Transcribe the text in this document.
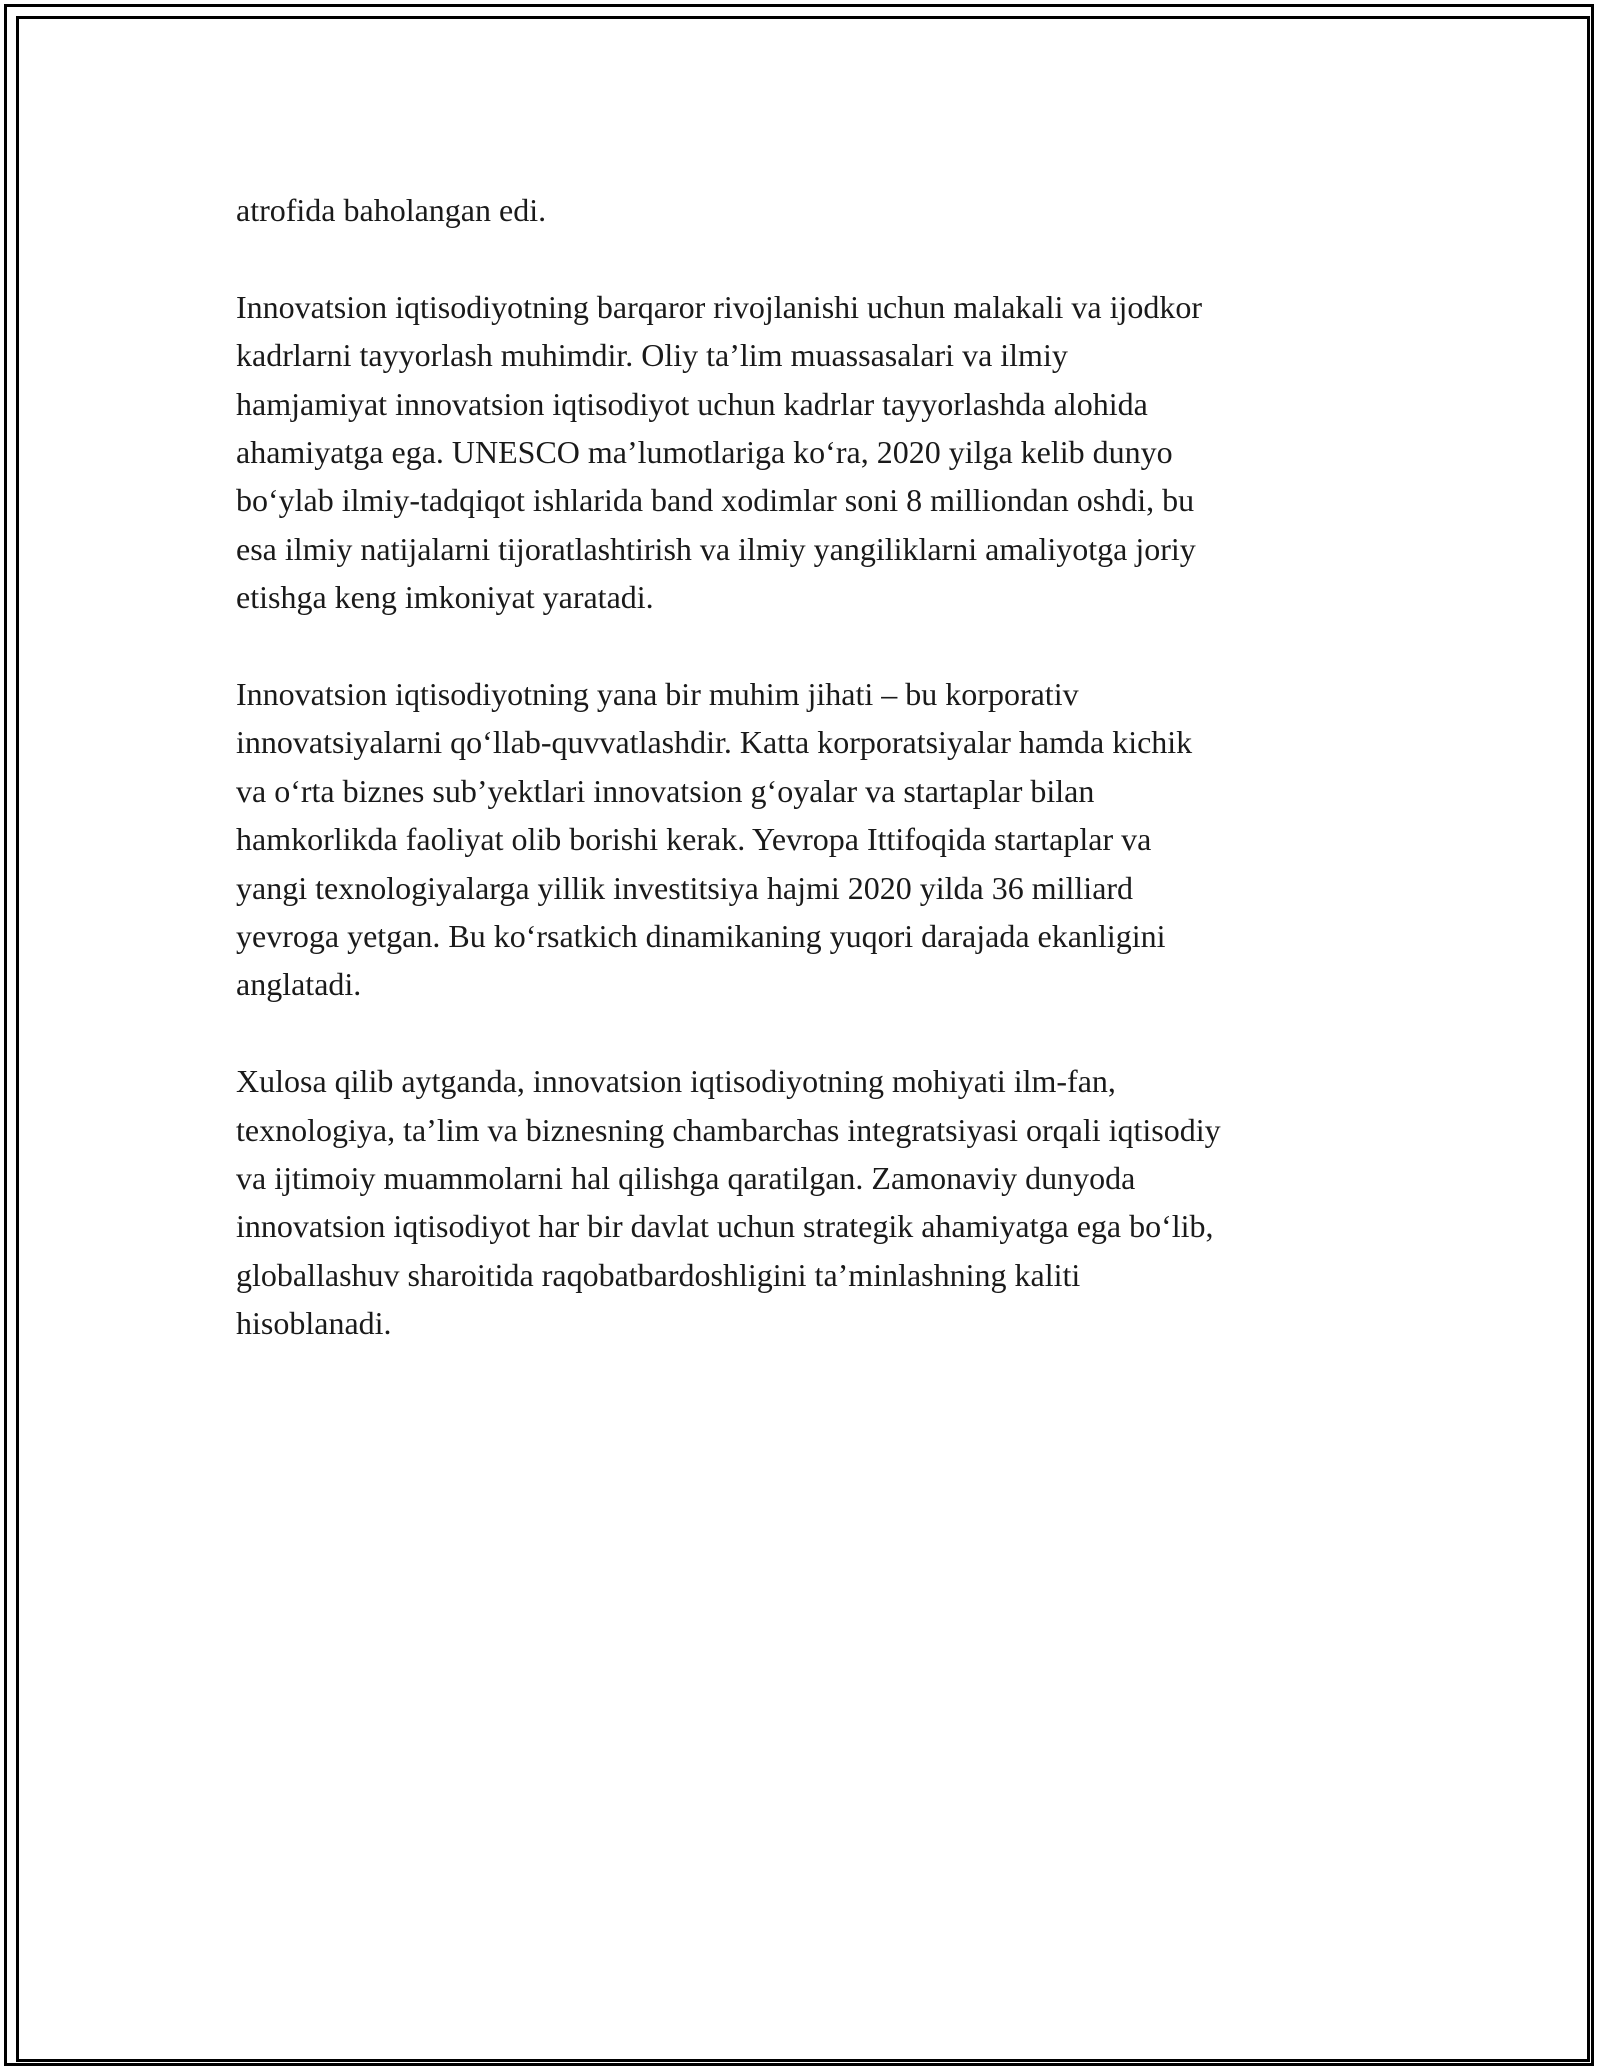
atrofida baholangan edi.

Innovatsion iqtisodiyotning barqaror rivojlanishi uchun malakali va ijodkor
kadrlarni tayyorlash muhimdir. Oliy ta’lim muassasalari va ilmiy
hamjamiyat innovatsion iqtisodiyot uchun kadrlar tayyorlashda alohida
ahamiyatga ega. UNESCO ma’lumotlariga ko‘ra, 2020 yilga kelib dunyo
bo‘ylab ilmiy-tadqiqot ishlarida band xodimlar soni 8 milliondan oshdi, bu
esa ilmiy natijalarni tijoratlashtirish va ilmiy yangiliklarni amaliyotga joriy
etishga keng imkoniyat yaratadi.

Innovatsion iqtisodiyotning yana bir muhim jihati – bu korporativ
innovatsiyalarni qo‘llab-quvvatlashdir. Katta korporatsiyalar hamda kichik
va o‘rta biznes sub’yektlari innovatsion g‘oyalar va startaplar bilan
hamkorlikda faoliyat olib borishi kerak. Yevropa Ittifoqida startaplar va
yangi texnologiyalarga yillik investitsiya hajmi 2020 yilda 36 milliard
yevroga yetgan. Bu ko‘rsatkich dinamikaning yuqori darajada ekanligini
anglatadi.

Xulosa qilib aytganda, innovatsion iqtisodiyotning mohiyati ilm-fan,
texnologiya, ta’lim va biznesning chambarchas integratsiyasi orqali iqtisodiy
va ijtimoiy muammolarni hal qilishga qaratilgan. Zamonaviy dunyoda
innovatsion iqtisodiyot har bir davlat uchun strategik ahamiyatga ega bo‘lib,
globallashuv sharoitida raqobatbardoshligini ta’minlashning kaliti
hisoblanadi.
